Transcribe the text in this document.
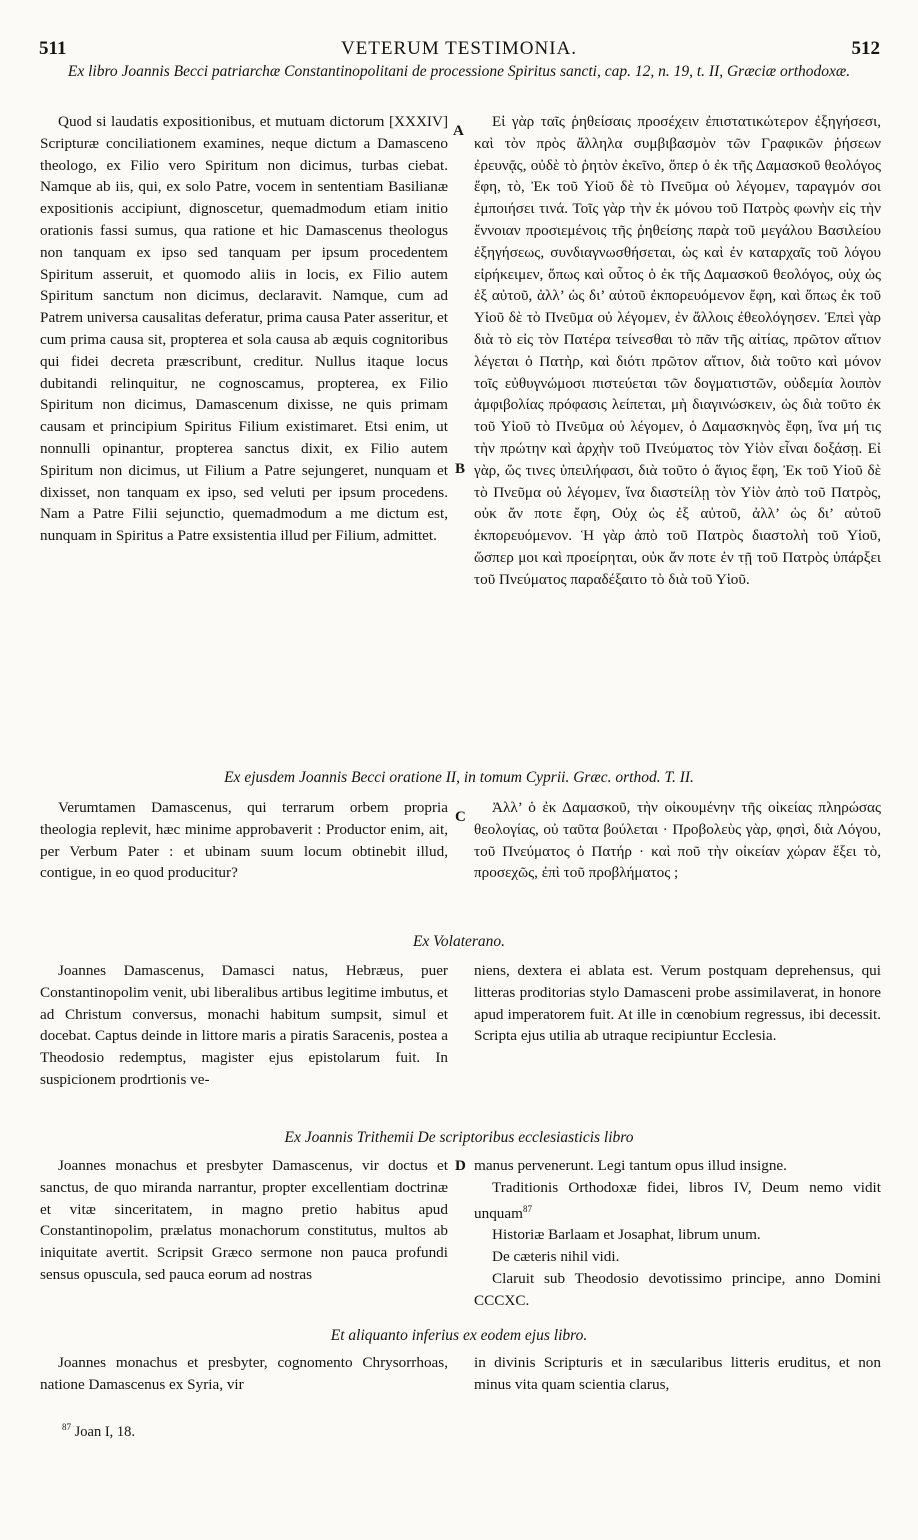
511	VETERUM TESTIMONIA.	512
Ex libro Joannis Becci patriarchæ Constantinopolitani de processione Spiritus sancti, cap. 12, n. 19, t. II, Græciæ orthodoxæ.
Quod si laudatis expositionibus, et mutuam dictorum [XXXIV] Scripturæ conciliationem examines, neque dictum a Damasceno theologo, ex Filio vero Spiritum non dicimus, turbas ciebat. Namque ab iis, qui, ex solo Patre, vocem in sententiam Basilianæ expositionis accipiunt, dignoscetur, quemadmodum etiam initio orationis fassi sumus, qua ratione et hic Damascenus theologus non tanquam ex ipso sed tanquam per ipsum procedentem Spiritum asseruit, et quomodo aliis in locis, ex Filio autem Spiritum sanctum non dicimus, declaravit. Namque, cum ad Patrem universa causalitas deferatur, prima causa Pater asseritur, et cum prima causa sit, propterea et sola causa ab æquis cognitoribus qui fidei decreta præscribunt, creditur. Nullus itaque locus dubitandi relinquitur, ne cognoscamus, propterea, ex Filio Spiritum non dicimus, Damascenum dixisse, ne quis primam causam et principium Spiritus Filium existimaret. Etsi enim, ut nonnulli opinantur, propterea sanctus dixit, ex Filio autem Spiritum non dicimus, ut Filium a Patre sejungeret, nunquam et dixisset, non tanquam ex ipso, sed veluti per ipsum procedens. Nam a Patre Filii sejunctio, quemadmodum a me dictum est, nunquam in Spiritus a Patre exsistentia illud per Filium, admittet.
Εἰ γὰρ ταῖς ῥηθείσαις προσέχειν ἐπιστατικώτερον ἐξηγήσεσι, καὶ τὸν πρὸς ἄλληλα συμβιβασμὸν τῶν Γραφικῶν ῥήσεων ἐρευνᾷς, οὐδὲ τὸ ῥητὸν ἐκεῖνο, ὅπερ ὁ ἐκ τῆς Δαμασκοῦ θεολόγος ἔφη, τὸ, Ἐκ τοῦ Υἱοῦ δὲ τὸ Πνεῦμα οὐ λέγομεν, ταραγμόν σοι ἐμποιήσει τινά. Τοῖς γὰρ τὴν ἐκ μόνου τοῦ Πατρὸς φωνὴν εἰς τὴν ἔννοιαν προσιεμένοις τῆς ῥηθείσης παρὰ τοῦ μεγάλου Βασιλείου ἐξηγήσεως, συνδιαγνωσθήσεται, ὡς καὶ ἐν καταρχαῖς τοῦ λόγου εἰρήκειμεν, ὅπως καὶ οὗτος ὁ ἐκ τῆς Δαμασκοῦ θεολόγος, οὐχ ὡς ἐξ αὐτοῦ, ἀλλ’ ὡς δι’ αὐτοῦ ἐκπορευόμενον ἔφη, καὶ ὅπως ἐκ τοῦ Υἱοῦ δὲ τὸ Πνεῦμα οὐ λέγομεν, ἐν ἄλλοις ἐθεολόγησεν. Ἐπεὶ γὰρ διὰ τὸ εἰς τὸν Πατέρα τείνεσθαι τὸ πᾶν τῆς αἰτίας, πρῶτον αἴτιον λέγεται ὁ Πατὴρ, καὶ διότι πρῶτον αἴτιον, διὰ τοῦτο καὶ μόνον τοῖς εὐθυγνώμοσι πιστεύεται τῶν δογματιστῶν, οὐδεμία λοιπὸν ἀμφιβολίας πρόφασις λείπεται, μὴ διαγινώσκειν, ὡς διὰ τοῦτο ἐκ τοῦ Υἱοῦ τὸ Πνεῦμα οὐ λέγομεν, ὁ Δαμασκηνὸς ἔφη, ἵνα μή τις τὴν πρώτην καὶ ἀρχὴν τοῦ Πνεύματος τὸν Υἱὸν εἶναι δοξάσῃ. Εἰ γὰρ, ὥς τινες ὑπειλήφασι, διὰ τοῦτο ὁ ἅγιος ἔφη, Ἐκ τοῦ Υἱοῦ δὲ τὸ Πνεῦμα οὐ λέγομεν, ἵνα διαστείλῃ τὸν Υἱὸν ἀπὸ τοῦ Πατρὸς, οὐκ ἄν ποτε ἔφη, Οὐχ ὡς ἐξ αὐτοῦ, ἀλλ’ ὡς δι’ αὐτοῦ ἐκπορευόμενον. Ἡ γὰρ ἀπὸ τοῦ Πατρὸς διαστολὴ τοῦ Υἱοῦ, ὥσπερ μοι καὶ προείρηται, οὐκ ἄν ποτε ἐν τῇ τοῦ Πατρὸς ὑπάρξει τοῦ Πνεύματος παραδέξαιτο τὸ διὰ τοῦ Υἱοῦ.
A
B
Ex ejusdem Joannis Becci oratione II, in tomum Cyprii. Græc. orthod. T. II.
Verumtamen Damascenus, qui terrarum orbem propria theologia replevit, hæc minime approbaverit : Productor enim, ait, per Verbum Pater : et ubinam suum locum obtinebit illud, contigue, in eo quod producitur?
Ἀλλ’ ὁ ἐκ Δαμασκοῦ, τὴν οἰκουμένην τῆς οἰκείας πληρώσας θεολογίας, οὐ ταῦτα βούλεται · Προβολεὺς γὰρ, φησὶ, διὰ Λόγου, τοῦ Πνεύματος ὁ Πατήρ · καὶ ποῦ τὴν οἰκείαν χώραν ἕξει τὸ, προσεχῶς, ἐπὶ τοῦ προβλήματος ;
C
Ex Volaterano.
Joannes Damascenus, Damasci natus, Hebræus, puer Constantinopolim venit, ubi liberalibus artibus legitime imbutus, et ad Christum conversus, monachi habitum sumpsit, simul et docebat. Captus deinde in littore maris a piratis Saracenis, postea a Theodosio redemptus, magister ejus epistolarum fuit. In suspicionem prodrtionis ve-
niens, dextera ei ablata est. Verum postquam deprehensus, qui litteras proditorias stylo Damasceni probe assimilaverat, in honore apud imperatorem fuit. At ille in cœnobium regressus, ibi decessit. Scripta ejus utilia ab utraque recipiuntur Ecclesia.
Ex Joannis Trithemii De scriptoribus ecclesiasticis libro
Joannes monachus et presbyter Damascenus, vir doctus et sanctus, de quo miranda narrantur, propter excellentiam doctrinæ et vitæ sinceritatem, in magno pretio habitus apud Constantinopolim, prælatus monachorum constitutus, multos ab iniquitate avertit. Scripsit Græco sermone non pauca profundi sensus opuscula, sed pauca eorum ad nostras
D manus pervenerunt. Legi tantum opus illud insigne.

Traditionis Orthodoxæ fidei, libros IV, Deum nemo vidit unquam$^{87}$

Historiæ Barlaam et Josaphat, librum unum.

De cæteris nihil vidi.

Claruit sub Theodosio devotissimo principe, anno Domini CCCXC.

Et aliquanto inferius ex eodem ejus libro.
Joannes monachus et presbyter, cognomento Chrysorrhoas, natione Damascenus ex Syria, vir
in divinis Scripturis et in sæcularibus litteris eruditus, et non minus vita quam scientia clarus,
$^{87}$ Joan I, 18.
